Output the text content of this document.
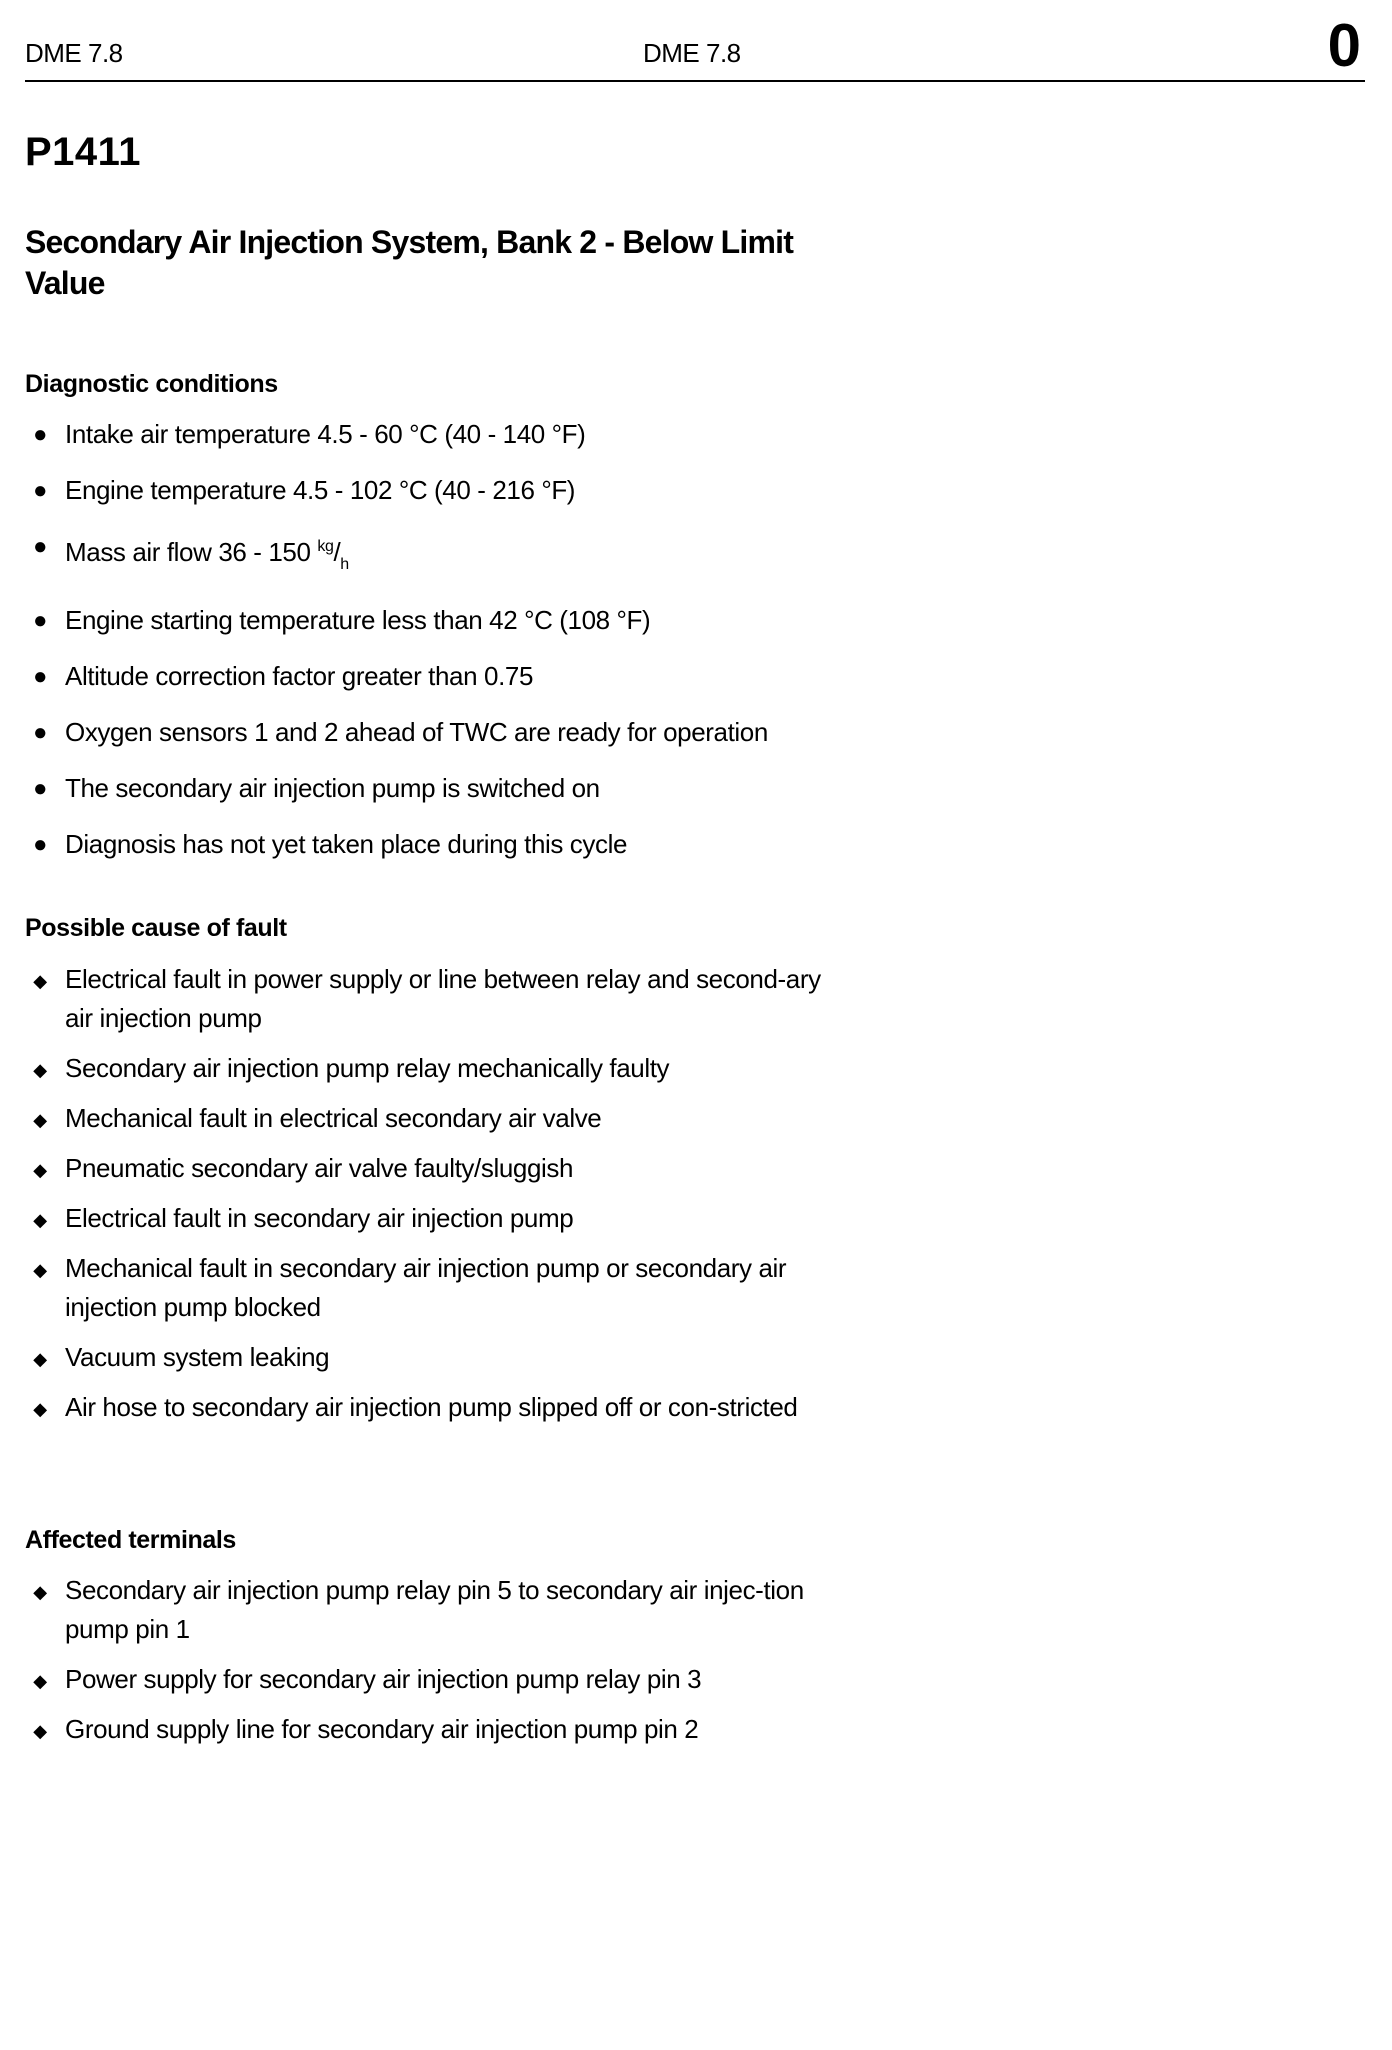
DME 7.8	DME 7.8	0
P1411
Secondary Air Injection System, Bank 2 - Below Limit Value
Diagnostic conditions
● Intake air temperature 4.5 - 60 °C (40 - 140 °F)
● Engine temperature 4.5 - 102 °C (40 - 216 °F)
● Mass air flow 36 - 150 $^{kg}/_h$
● Engine starting temperature less than 42 °C (108 °F)
● Altitude correction factor greater than 0.75
● Oxygen sensors 1 and 2 ahead of TWC are ready for operation
● The secondary air injection pump is switched on
● Diagnosis has not yet taken place during this cycle
Possible cause of fault
◆ Electrical fault in power supply or line between relay and second-ary air injection pump
◆ Secondary air injection pump relay mechanically faulty
◆ Mechanical fault in electrical secondary air valve
◆ Pneumatic secondary air valve faulty/sluggish
◆ Electrical fault in secondary air injection pump
◆ Mechanical fault in secondary air injection pump or secondary air injection pump blocked
◆ Vacuum system leaking
◆ Air hose to secondary air injection pump slipped off or con-stricted
Affected terminals
◆ Secondary air injection pump relay pin 5 to secondary air injec-tion pump pin 1
◆ Power supply for secondary air injection pump relay pin 3
◆ Ground supply line for secondary air injection pump pin 2
